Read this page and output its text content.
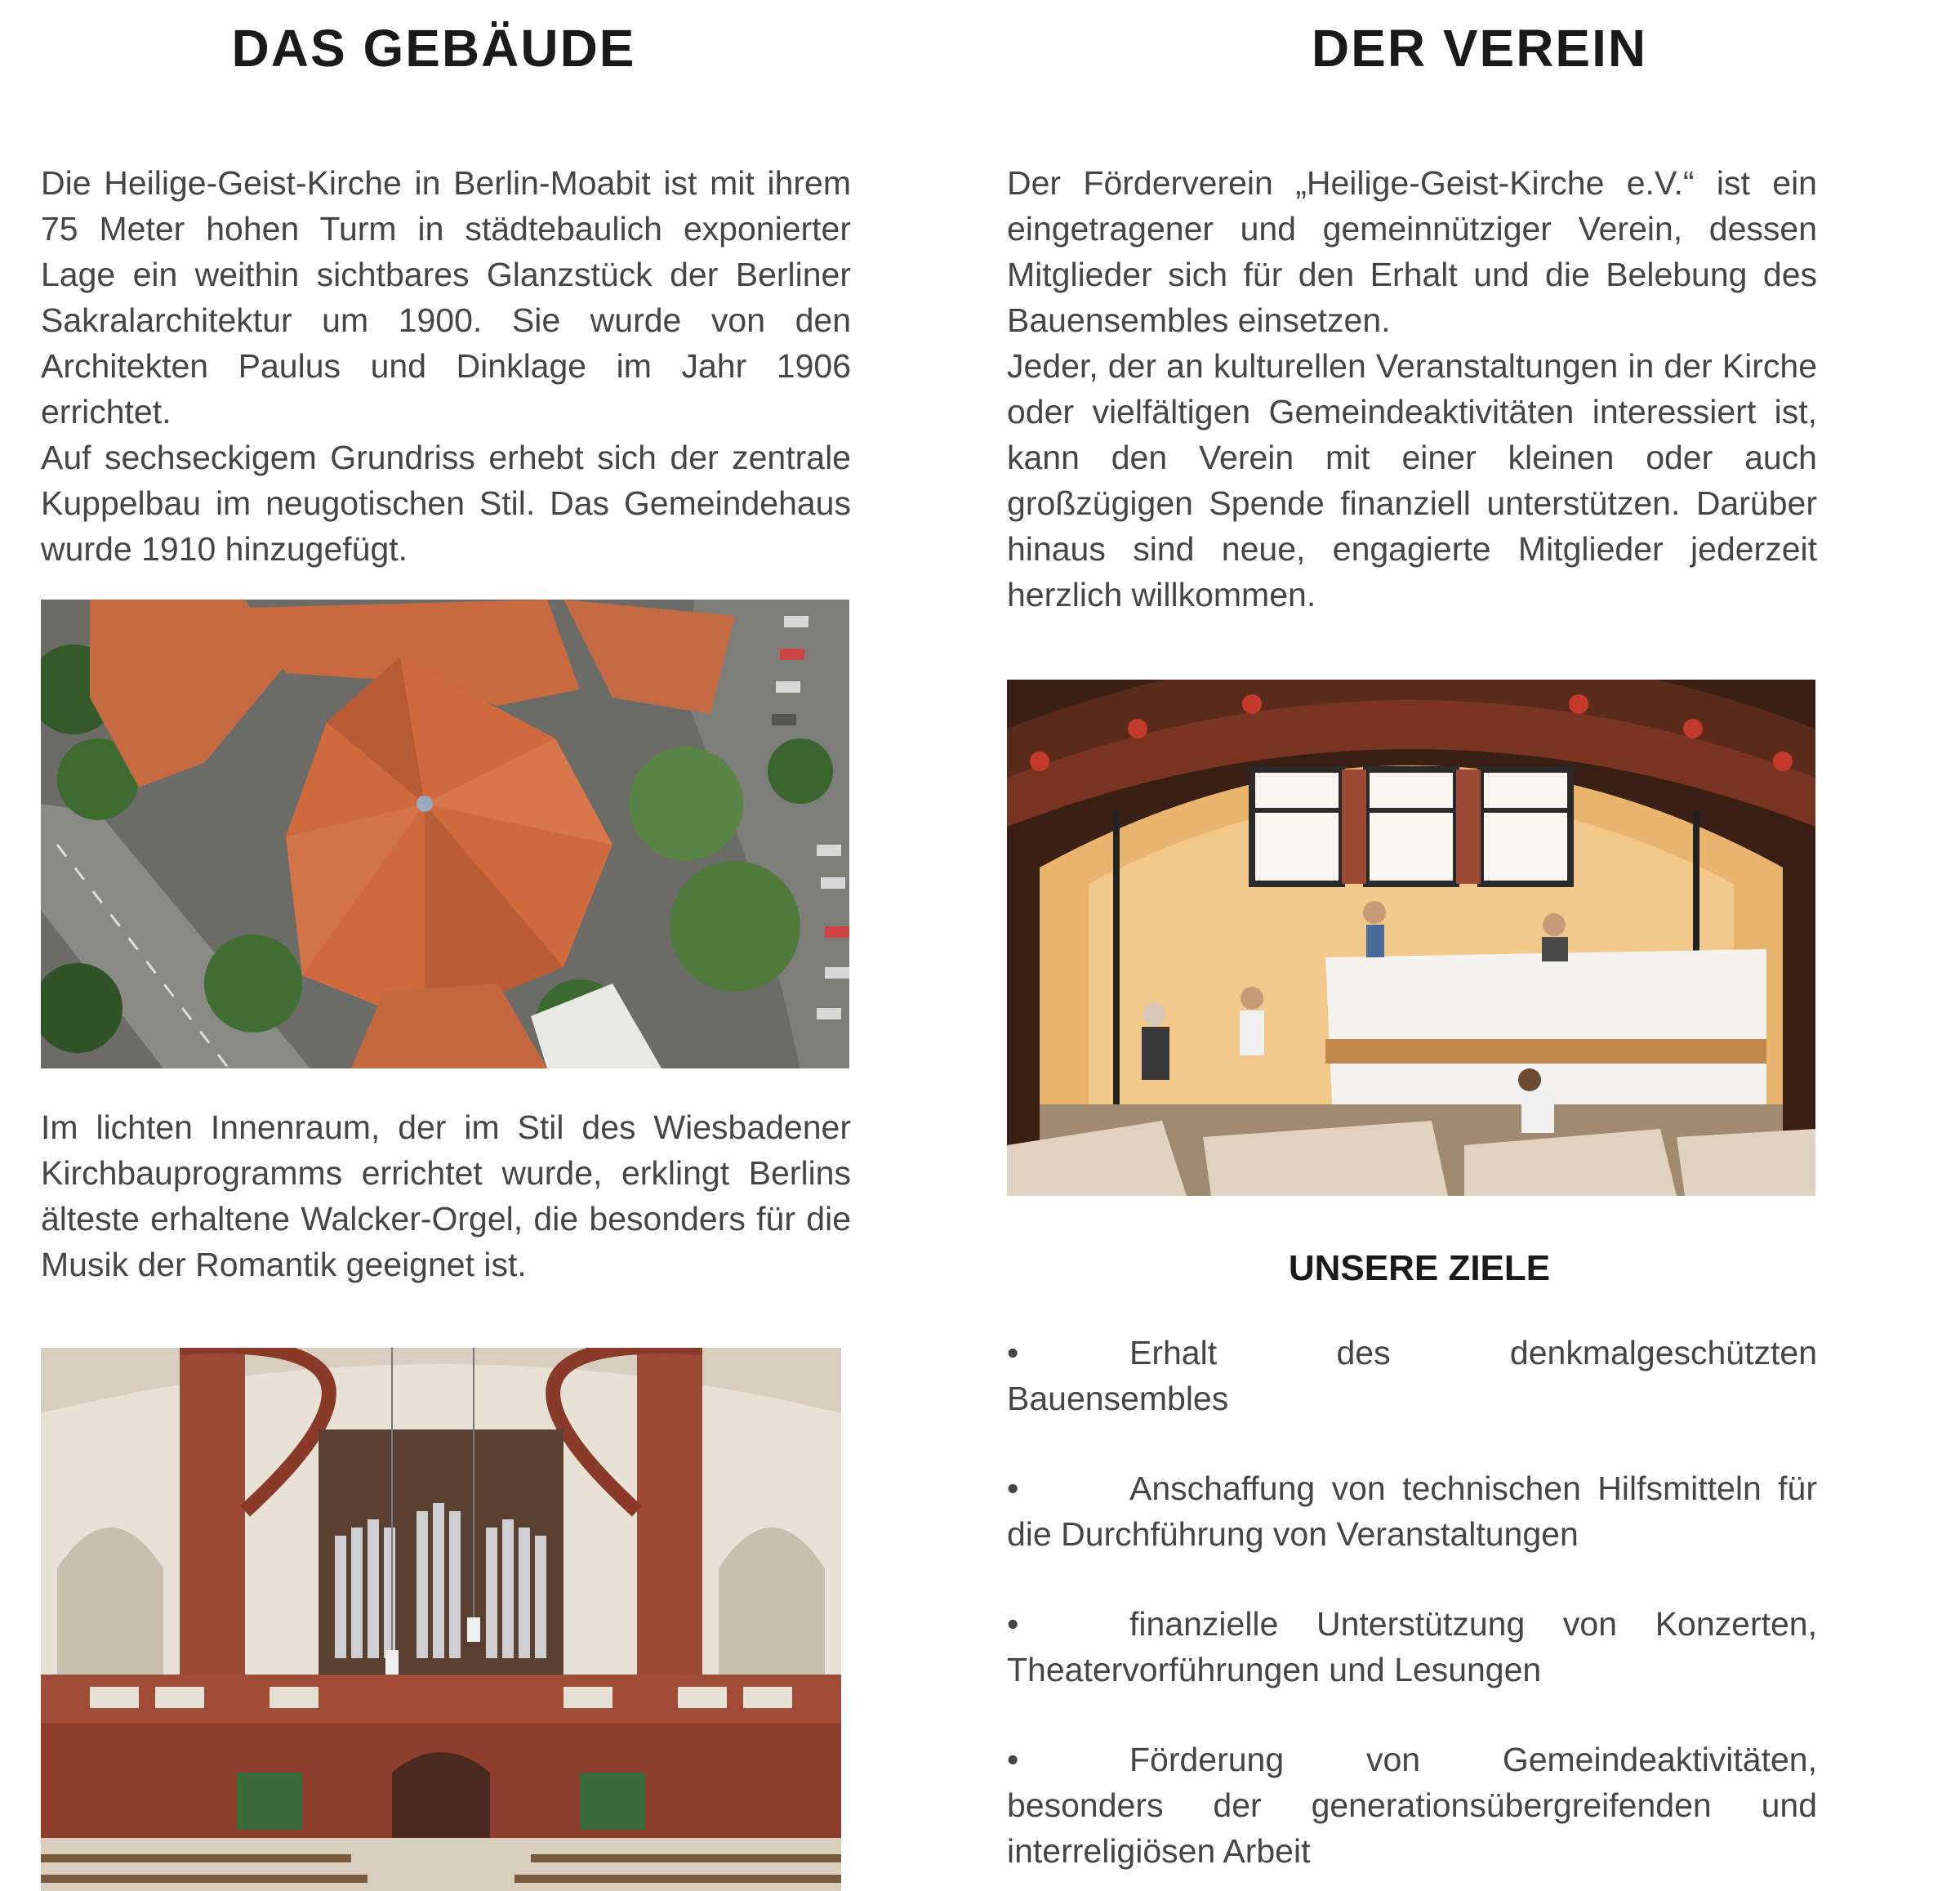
DAS GEBÄUDE

Die Heilige-Geist-Kirche in Berlin-Moabit ist mit ihrem 75 Meter hohen Turm in städtebaulich exponierter Lage ein weithin sichtbares Glanzstück der Berliner Sakralarchitektur um 1900. Sie wurde von den Architekten Paulus und Dinklage im Jahr 1906 errichtet.

Auf sechseckigem Grundriss erhebt sich der zentrale Kuppelbau im neugotischen Stil. Das Gemeindehaus wurde 1910 hinzugefügt.

Im lichten Innenraum, der im Stil des Wiesbadener Kirchbauprogramms errichtet wurde, erklingt Berlins älteste erhaltene Walcker-Orgel, die besonders für die Musik der Romantik geeignet ist.

DER VEREIN

Der Förderverein „Heilige-Geist-Kirche e.V.“ ist ein eingetragener und gemeinnütziger Verein, dessen Mitglieder sich für den Erhalt und die Belebung des Bauensembles einsetzen.

Jeder, der an kulturellen Veranstaltungen in der Kirche oder vielfältigen Gemeindeaktivitäten interessiert ist, kann den Verein mit einer kleinen oder auch großzügigen Spende finanziell unterstützen. Darüber hinaus sind neue, engagierte Mitglieder jederzeit herzlich willkommen.

UNSERE ZIELE

•	Erhalt des denkmalgeschützten Bauensembles

•	Anschaffung von technischen Hilfsmitteln für die Durchführung von Veranstaltungen

•	finanzielle Unterstützung von Konzerten, Theatervorführungen und Lesungen

•	Förderung von Gemeindeaktivitäten, besonders der generationsübergreifenden und interreligiösen Arbeit
